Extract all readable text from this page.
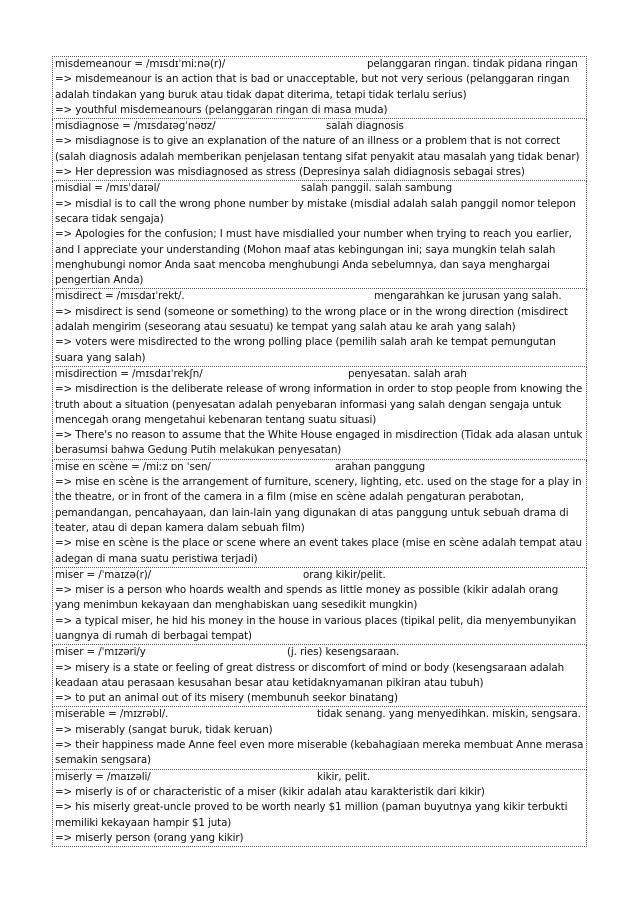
misdemeanour = /mɪsdɪˈmiːnə(r)/	pelanggaran ringan. tindak pidana ringan
=> misdemeanour is an action that is bad or unacceptable, but not very serious (pelanggaran ringan adalah tindakan yang buruk atau tidak dapat diterima, tetapi tidak terlalu serius)
=> youthful misdemeanours (pelanggaran ringan di masa muda)
misdiagnose = /mɪsdaɪəɡˈnəʊz/	salah diagnosis
=> misdiagnose is to give an explanation of the nature of an illness or a problem that is not correct (salah diagnosis adalah memberikan penjelasan tentang sifat penyakit atau masalah yang tidak benar)
=> Her depression was misdiagnosed as stress (Depresinya salah didiagnosis sebagai stres)
misdial = /mɪsˈdaɪəl/	salah panggil. salah sambung
=> misdial is to call the wrong phone number by mistake (misdial adalah salah panggil nomor telepon secara tidak sengaja)
=> Apologies for the confusion; I must have misdialled your number when trying to reach you earlier, and I appreciate your understanding (Mohon maaf atas kebingungan ini; saya mungkin telah salah menghubungi nomor Anda saat mencoba menghubungi Anda sebelumnya, dan saya menghargai pengertian Anda)
misdirect = /mɪsdaɪˈrekt/.	mengarahkan ke jurusan yang salah.
=> misdirect is send (someone or something) to the wrong place or in the wrong direction (misdirect adalah mengirim (seseorang atau sesuatu) ke tempat yang salah atau ke arah yang salah)
=> voters were misdirected to the wrong polling place (pemilih salah arah ke tempat pemungutan suara yang salah)
misdirection = /mɪsdaɪˈrekʃn/	penyesatan. salah arah
=> misdirection is the deliberate release of wrong information in order to stop people from knowing the truth about a situation (penyesatan adalah penyebaran informasi yang salah dengan sengaja untuk mencegah orang mengetahui kebenaran tentang suatu situasi)
=> There's no reason to assume that the White House engaged in misdirection (Tidak ada alasan untuk berasumsi bahwa Gedung Putih melakukan penyesatan)
mise en scène = /miːz ɒn ˈsen/	arahan panggung
=> mise en scène is the arrangement of furniture, scenery, lighting, etc. used on the stage for a play in the theatre, or in front of the camera in a film (mise en scène adalah pengaturan perabotan, pemandangan, pencahayaan, dan lain-lain yang digunakan di atas panggung untuk sebuah drama di teater, atau di depan kamera dalam sebuah film)
=> mise en scène is the place or scene where an event takes place (mise en scène adalah tempat atau adegan di mana suatu peristiwa terjadi)
miser = /ˈmaɪzə(r)/	orang kikir/pelit.
=> miser is a person who hoards wealth and spends as little money as possible (kikir adalah orang yang menimbun kekayaan dan menghabiskan uang sesedikit mungkin)
=> a typical miser, he hid his money in the house in various places (tipikal pelit, dia menyembunyikan uangnya di rumah di berbagai tempat)
miser = /ˈmɪzəri/y	(j. ries) kesengsaraan.
=> misery is a state or feeling of great distress or discomfort of mind or body (kesengsaraan adalah keadaan atau perasaan kesusahan besar atau ketidaknyamanan pikiran atau tubuh)
=> to put an animal out of its misery (membunuh seekor binatang)
miserable = /mɪzrəbl/.	tidak senang. yang menyedihkan. miskin, sengsara.
=> miserably (sangat buruk, tidak keruan)
=> their happiness made Anne feel even more miserable (kebahagiaan mereka membuat Anne merasa semakin sengsara)
miserly = /maɪzəli/	kikir, pelit.
=> miserly is of or characteristic of a miser (kikir adalah atau karakteristik dari kikir)
=> his miserly great-uncle proved to be worth nearly $1 million (paman buyutnya yang kikir terbukti memiliki kekayaan hampir $1 juta)
=> miserly person (orang yang kikir)
